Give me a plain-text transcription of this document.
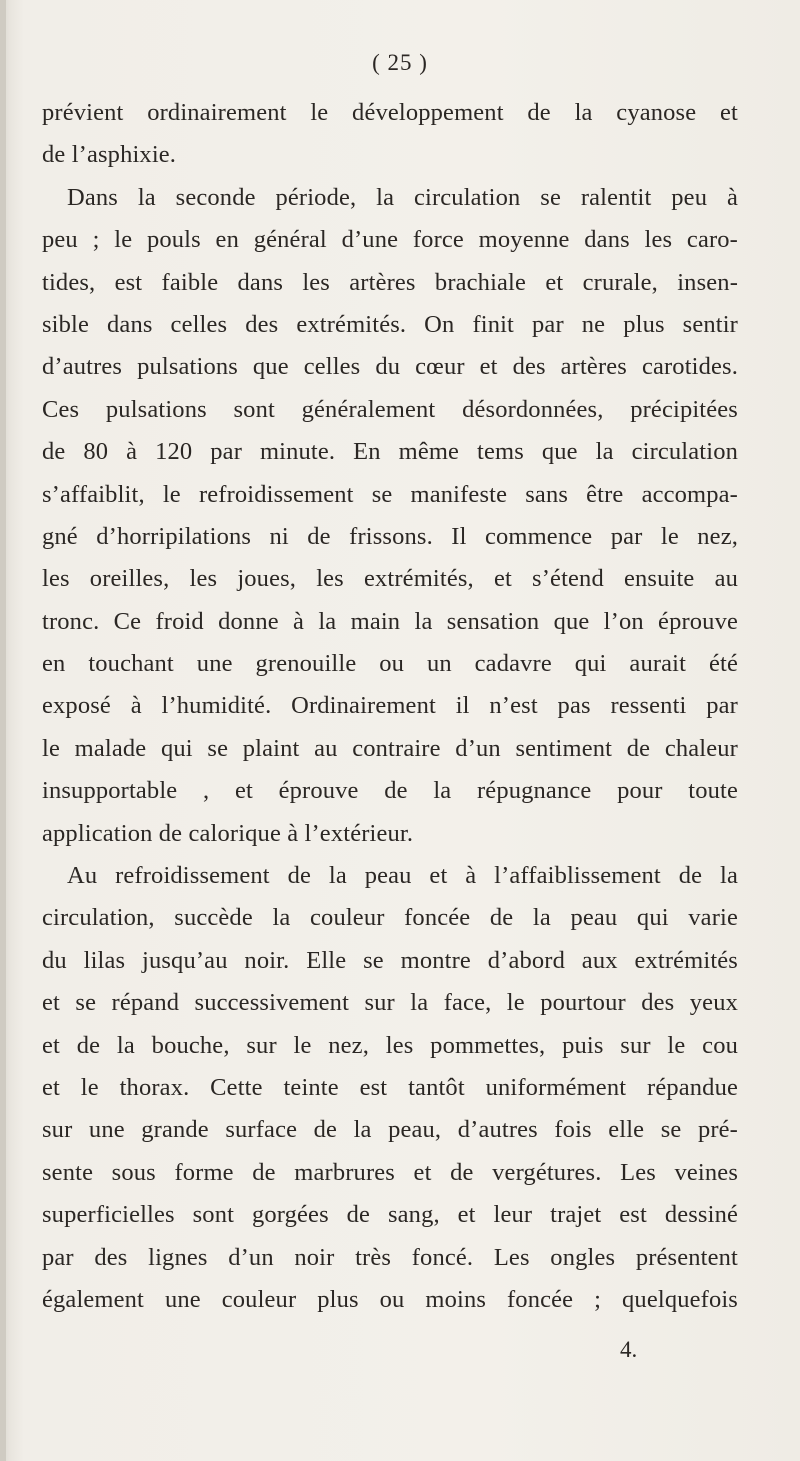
( 25 )
prévient ordinairement le développement de la cyanose et
de l’asphixie.
Dans la seconde période, la circulation se ralentit peu à
peu ; le pouls en général d’une force moyenne dans les caro-
tides, est faible dans les artères brachiale et crurale, insen-
sible dans celles des extrémités. On finit par ne plus sentir
d’autres pulsations que celles du cœur et des artères carotides.
Ces pulsations sont généralement désordonnées, précipitées
de 80 à 120 par minute. En même tems que la circulation
s’affaiblit, le refroidissement se manifeste sans être accompa-
gné d’horripilations ni de frissons. Il commence par le nez,
les oreilles, les joues, les extrémités, et s’étend ensuite au
tronc. Ce froid donne à la main la sensation que l’on éprouve
en touchant une grenouille ou un cadavre qui aurait été
exposé à l’humidité. Ordinairement il n’est pas ressenti par
le malade qui se plaint au contraire d’un sentiment de chaleur
insupportable , et éprouve de la répugnance pour toute
application de calorique à l’extérieur.
Au refroidissement de la peau et à l’affaiblissement de la
circulation, succède la couleur foncée de la peau qui varie
du lilas jusqu’au noir. Elle se montre d’abord aux extrémités
et se répand successivement sur la face, le pourtour des yeux
et de la bouche, sur le nez, les pommettes, puis sur le cou
et le thorax. Cette teinte est tantôt uniformément répandue
sur une grande surface de la peau, d’autres fois elle se pré-
sente sous forme de marbrures et de vergétures. Les veines
superficielles sont gorgées de sang, et leur trajet est dessiné
par des lignes d’un noir très foncé. Les ongles présentent
également une couleur plus ou moins foncée ; quelquefois
4.
